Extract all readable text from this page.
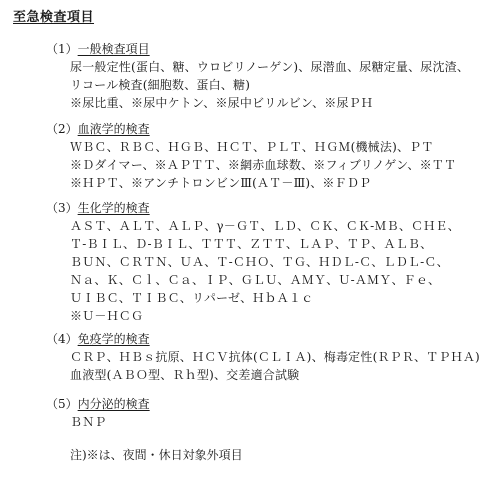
至急検査項目
（1）一般検査項目
尿一般定性(蛋白、糖、ウロビリノーゲン)、尿潜血、尿糖定量、尿沈渣、
リコール検査(細胞数、蛋白、糖)
※尿比重、※尿中ケトン、※尿中ビリルビン、※尿ＰＨ
（2）血液学的検査
ＷＢＣ、ＲＢＣ、ＨＧＢ、ＨＣＴ、ＰＬＴ、ＨＧＭ(機械法)、ＰＴ
※Ｄダイマー、※ＡＰＴＴ、※網赤血球数、※フィブリノゲン、※ＴＴ
※ＨＰＴ、※アンチトロンビンⅢ(ＡＴ－Ⅲ)、※ＦＤＰ
（3）生化学的検査
ＡＳＴ、ＡＬＴ、ＡＬＰ、γ－ＧＴ、ＬＤ、ＣＫ、ＣＫ-ＭＢ、ＣＨＥ、
Ｔ-ＢＩＬ、Ｄ-ＢＩＬ、ＴＴＴ、ＺＴＴ、ＬＡＰ、ＴＰ、ＡＬＢ、
ＢＵＮ、ＣＲＴＮ、ＵＡ、Ｔ-ＣＨＯ、ＴＧ、ＨＤＬ-Ｃ、ＬＤＬ-Ｃ、
Ｎａ、Ｋ、Ｃｌ、Ｃａ、ＩＰ、ＧＬＵ、ＡＭＹ、Ｕ-ＡＭＹ、Ｆｅ、
ＵＩＢＣ、ＴＩＢＣ、リパーゼ、ＨｂＡ１ｃ
※Ｕ－ＨＣＧ
（4）免疫学的検査
ＣＲＰ、ＨＢｓ抗原、ＨＣＶ抗体(ＣＬＩＡ)、梅毒定性(ＲＰＲ、ＴＰＨＡ)
血液型(ＡＢＯ型、Ｒｈ型)、交差適合試験
（5）内分泌的検査
ＢＮＰ
注)※は、夜間・休日対象外項目
